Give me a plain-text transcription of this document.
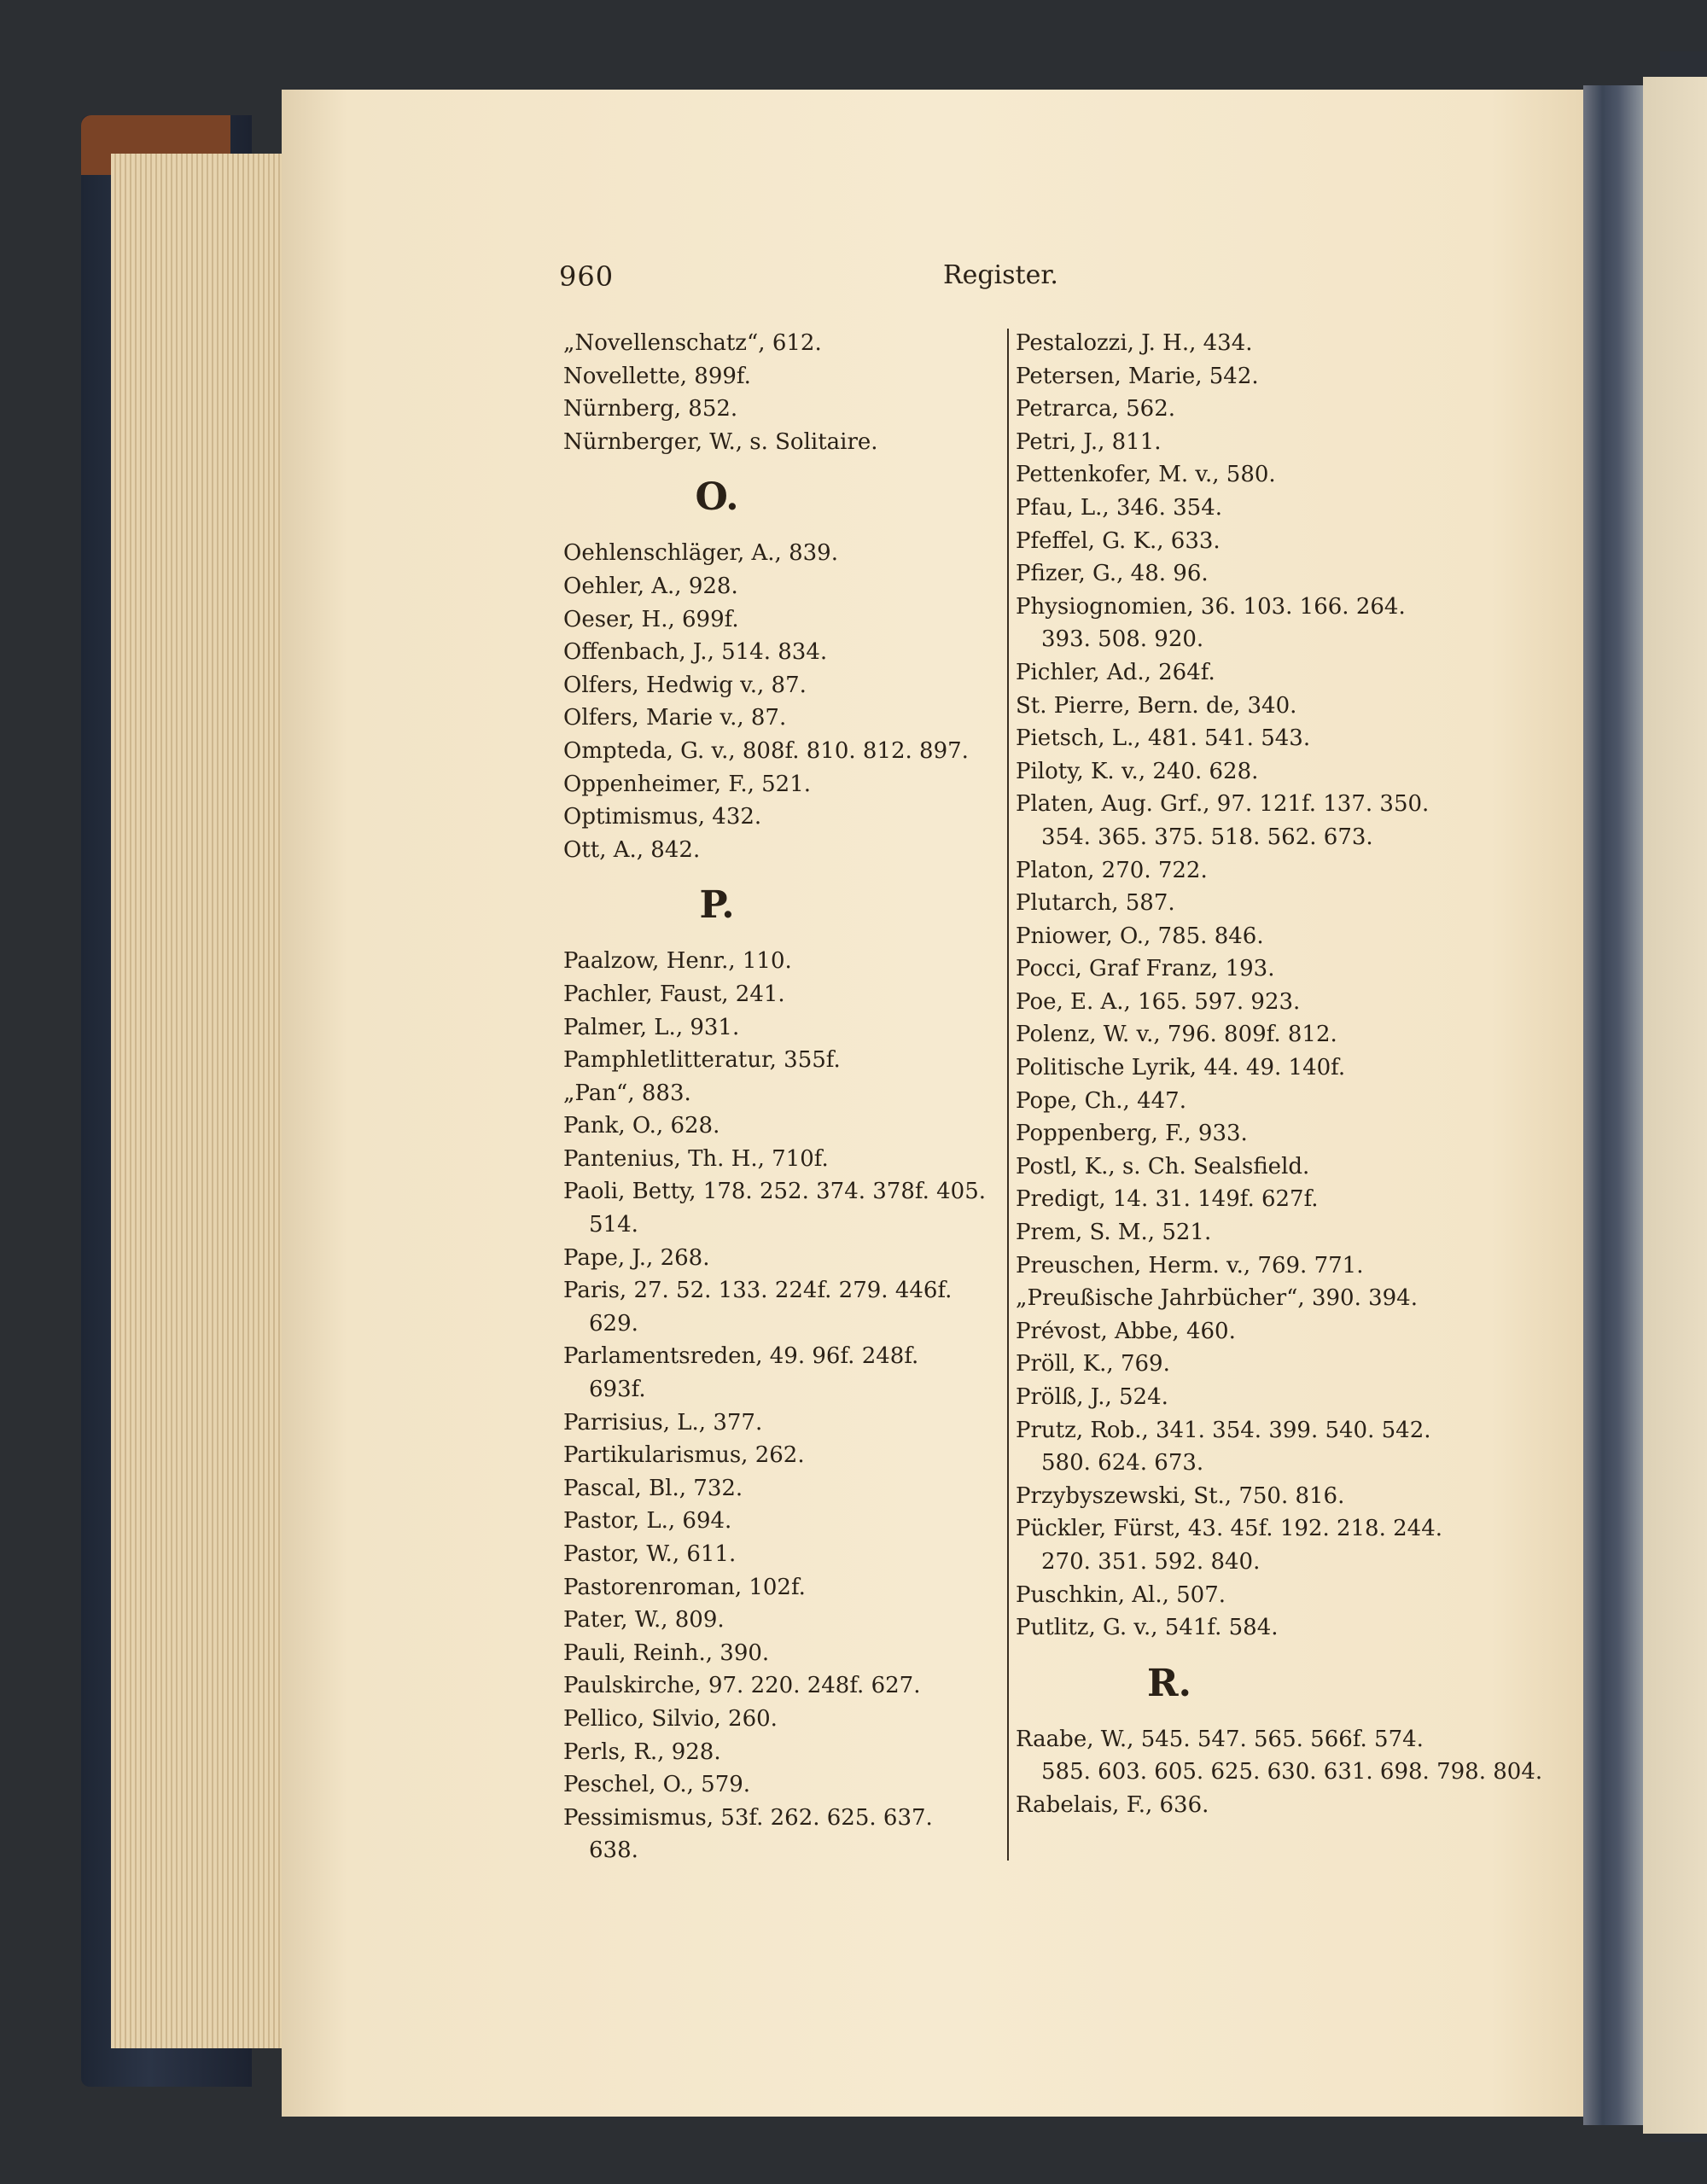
960	Register.
„Novellenschatz“, 612.
Novellette, 899f.
Nürnberg, 852.
Nürnberger, W., s. Solitaire.
O.
Oehlenschläger, A., 839.
Oehler, A., 928.
Oeser, H., 699f.
Offenbach, J., 514. 834.
Olfers, Hedwig v., 87.
Olfers, Marie v., 87.
Ompteda, G. v., 808f. 810. 812. 897.
Oppenheimer, F., 521.
Optimismus, 432.
Ott, A., 842.
P.
Paalzow, Henr., 110.
Pachler, Faust, 241.
Palmer, L., 931.
Pamphletlitteratur, 355f.
„Pan“, 883.
Pank, O., 628.
Pantenius, Th. H., 710f.
Paoli, Betty, 178. 252. 374. 378f. 405.
514.
Pape, J., 268.
Paris, 27. 52. 133. 224f. 279. 446f.
629.
Parlamentsreden, 49. 96f. 248f.
693f.
Parrisius, L., 377.
Partikularismus, 262.
Pascal, Bl., 732.
Pastor, L., 694.
Pastor, W., 611.
Pastorenroman, 102f.
Pater, W., 809.
Pauli, Reinh., 390.
Paulskirche, 97. 220. 248f. 627.
Pellico, Silvio, 260.
Perls, R., 928.
Peschel, O., 579.
Pessimismus, 53f. 262. 625. 637.
638.
Pestalozzi, J. H., 434.
Petersen, Marie, 542.
Petrarca, 562.
Petri, J., 811.
Pettenkofer, M. v., 580.
Pfau, L., 346. 354.
Pfeffel, G. K., 633.
Pfizer, G., 48. 96.
Physiognomien, 36. 103. 166. 264.
393. 508. 920.
Pichler, Ad., 264f.
St. Pierre, Bern. de, 340.
Pietsch, L., 481. 541. 543.
Piloty, K. v., 240. 628.
Platen, Aug. Grf., 97. 121f. 137. 350.
354. 365. 375. 518. 562. 673.
Platon, 270. 722.
Plutarch, 587.
Pniower, O., 785. 846.
Pocci, Graf Franz, 193.
Poe, E. A., 165. 597. 923.
Polenz, W. v., 796. 809f. 812.
Politische Lyrik, 44. 49. 140f.
Pope, Ch., 447.
Poppenberg, F., 933.
Postl, K., s. Ch. Sealsfield.
Predigt, 14. 31. 149f. 627f.
Prem, S. M., 521.
Preuschen, Herm. v., 769. 771.
„Preußische Jahrbücher“, 390. 394.
Prévost, Abbe, 460.
Pröll, K., 769.
Prölß, J., 524.
Prutz, Rob., 341. 354. 399. 540. 542.
580. 624. 673.
Przybyszewski, St., 750. 816.
Pückler, Fürst, 43. 45f. 192. 218. 244.
270. 351. 592. 840.
Puschkin, Al., 507.
Putlitz, G. v., 541f. 584.
R.
Raabe, W., 545. 547. 565. 566f. 574.
585. 603. 605. 625. 630. 631. 698. 798. 804.
Rabelais, F., 636.
